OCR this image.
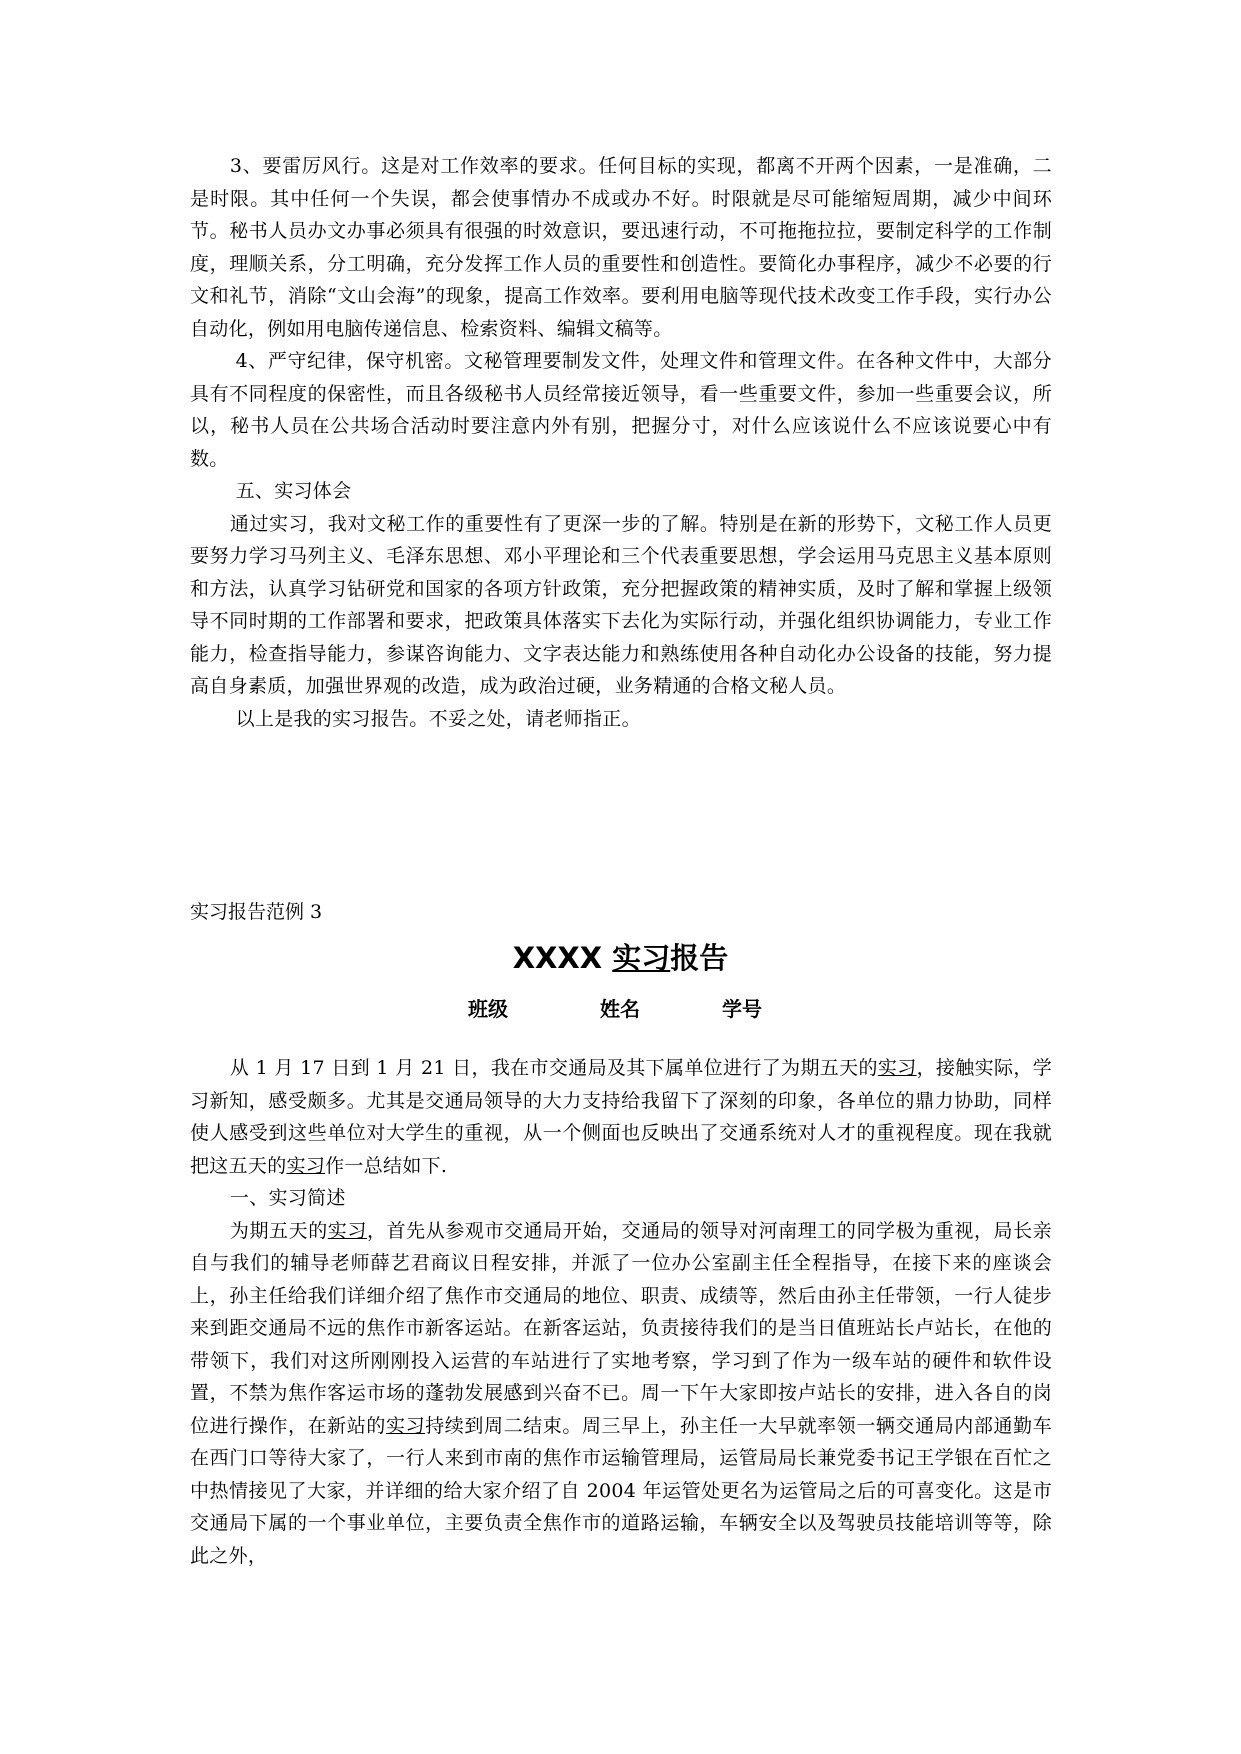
3、要雷厉风行。这是对工作效率的要求。任何目标的实现，都离不开两个因素，一是准确，二是时限。其中任何一个失误，都会使事情办不成或办不好。时限就是尽可能缩短周期，减少中间环节。秘书人员办文办事必须具有很强的时效意识，要迅速行动，不可拖拖拉拉，要制定科学的工作制度，理顺关系，分工明确，充分发挥工作人员的重要性和创造性。要简化办事程序，减少不必要的行文和礼节，消除“文山会海”的现象，提高工作效率。要利用电脑等现代技术改变工作手段，实行办公自动化，例如用电脑传递信息、检索资料、编辑文稿等。

4、严守纪律，保守机密。文秘管理要制发文件，处理文件和管理文件。在各种文件中，大部分具有不同程度的保密性，而且各级秘书人员经常接近领导，看一些重要文件，参加一些重要会议，所以，秘书人员在公共场合活动时要注意内外有别，把握分寸，对什么应该说什么不应该说要心中有数。

五、实习体会

通过实习，我对文秘工作的重要性有了更深一步的了解。特别是在新的形势下，文秘工作人员更要努力学习马列主义、毛泽东思想、邓小平理论和三个代表重要思想，学会运用马克思主义基本原则和方法，认真学习钻研党和国家的各项方针政策，充分把握政策的精神实质，及时了解和掌握上级领导不同时期的工作部署和要求，把政策具体落实下去化为实际行动，并强化组织协调能力，专业工作能力，检查指导能力，参谋咨询能力、文字表达能力和熟练使用各种自动化办公设备的技能，努力提高自身素质，加强世界观的改造，成为政治过硬，业务精通的合格文秘人员。

以上是我的实习报告。不妥之处，请老师指正。

实习报告范例 3
XXXX 实习报告
班级	姓名	学号

从 1 月 17 日到 1 月 21 日，我在市交通局及其下属单位进行了为期五天的实习，接触实际，学习新知，感受颇多。尤其是交通局领导的大力支持给我留下了深刻的印象，各单位的鼎力协助，同样使人感受到这些单位对大学生的重视，从一个侧面也反映出了交通系统对人才的重视程度。现在我就把这五天的实习作一总结如下.

一、实习简述

为期五天的实习，首先从参观市交通局开始，交通局的领导对河南理工的同学极为重视，局长亲自与我们的辅导老师薛艺君商议日程安排，并派了一位办公室副主任全程指导，在接下来的座谈会上，孙主任给我们详细介绍了焦作市交通局的地位、职责、成绩等，然后由孙主任带领，一行人徒步来到距交通局不远的焦作市新客运站。在新客运站，负责接待我们的是当日值班站长卢站长，在他的带领下，我们对这所刚刚投入运营的车站进行了实地考察，学习到了作为一级车站的硬件和软件设置，不禁为焦作客运市场的蓬勃发展感到兴奋不已。周一下午大家即按卢站长的安排，进入各自的岗位进行操作，在新站的实习持续到周二结束。周三早上，孙主任一大早就率领一辆交通局内部通勤车在西门口等待大家了，一行人来到市南的焦作市运输管理局，运管局局长兼党委书记王学银在百忙之中热情接见了大家，并详细的给大家介绍了自 2004 年运管处更名为运管局之后的可喜变化。这是市交通局下属的一个事业单位，主要负责全焦作市的道路运输，车辆安全以及驾驶员技能培训等等，除此之外，
